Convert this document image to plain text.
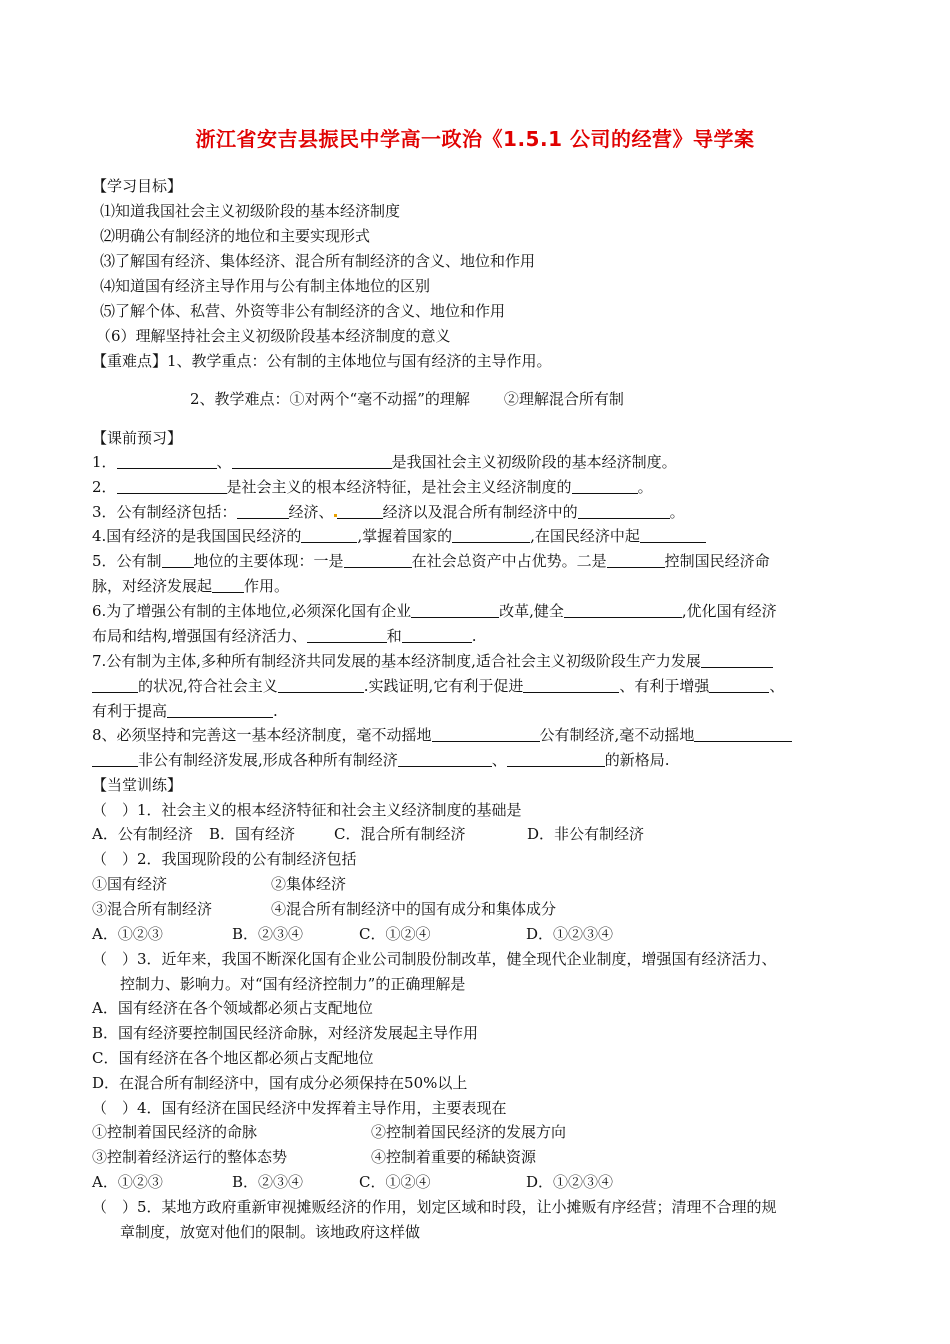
浙江省安吉县振民中学高一政治《1.5.1 公司的经营》导学案
【学习目标】
⑴知道我国社会主义初级阶段的基本经济制度
⑵明确公有制经济的地位和主要实现形式
⑶了解国有经济、集体经济、混合所有制经济的含义、地位和作用
⑷知道国有经济主导作用与公有制主体地位的区别
⑸了解个体、私营、外资等非公有制经济的含义、地位和作用
（6）理解坚持社会主义初级阶段基本经济制度的意义
【重难点】1、教学重点：公有制的主体地位与国有经济的主导作用。
2、教学难点：①对两个“毫不动摇”的理解 ②理解混合所有制
【课前预习】
1．	、	是我国社会主义初级阶段的基本经济制度。
2．	是社会主义的根本经济特征，是社会主义经济制度的	。
3．公有制经济包括：	经济、	经济以及混合所有制经济中的	。
4.国有经济的是我国国民经济的	,掌握着国家的	,在国民经济中起
5．公有制 地位的主要体现：一是	在社会总资产中占优势。二是	控制国民经济命
脉，对经济发展起 作用。
6.为了增强公有制的主体地位,必须深化国有企业	改革,健全	,优化国有经济
布局和结构,增强国有经济活力、	和	.
7.公有制为主体,多种所有制经济共同发展的基本经济制度,适合社会主义初级阶段生产力发展
的状况,符合社会主义	.实践证明,它有利于促进	、有利于增强	、
有利于提高	.
8、必须坚持和完善这一基本经济制度，毫不动摇地	公有制经济,毫不动摇地
非公有制经济发展,形成各种所有制经济	、	的新格局.
【当堂训练】
（　）1．社会主义的根本经济特征和社会主义经济制度的基础是
A．公有制经济 B．国有经济	C．混合所有制经济	D．非公有制经济
（　）2．我国现阶段的公有制经济包括
①国有经济	②集体经济
③混合所有制经济	④混合所有制经济中的国有成分和集体成分
A．①②③	B．②③④	C．①②④	D．①②③④
（　）3．近年来，我国不断深化国有企业公司制股份制改革，健全现代企业制度，增强国有经济活力、
控制力、影响力。对“国有经济控制力”的正确理解是
A．国有经济在各个领域都必须占支配地位
B．国有经济要控制国民经济命脉，对经济发展起主导作用
C．国有经济在各个地区都必须占支配地位
D．在混合所有制经济中，国有成分必须保持在50%以上
（　）4．国有经济在国民经济中发挥着主导作用，主要表现在
①控制着国民经济的命脉	②控制着国民经济的发展方向
③控制着经济运行的整体态势	④控制着重要的稀缺资源
A．①②③	B．②③④	C．①②④	D．①②③④
（　）5．某地方政府重新审视摊贩经济的作用，划定区域和时段，让小摊贩有序经营；清理不合理的规
章制度，放宽对他们的限制。该地政府这样做
